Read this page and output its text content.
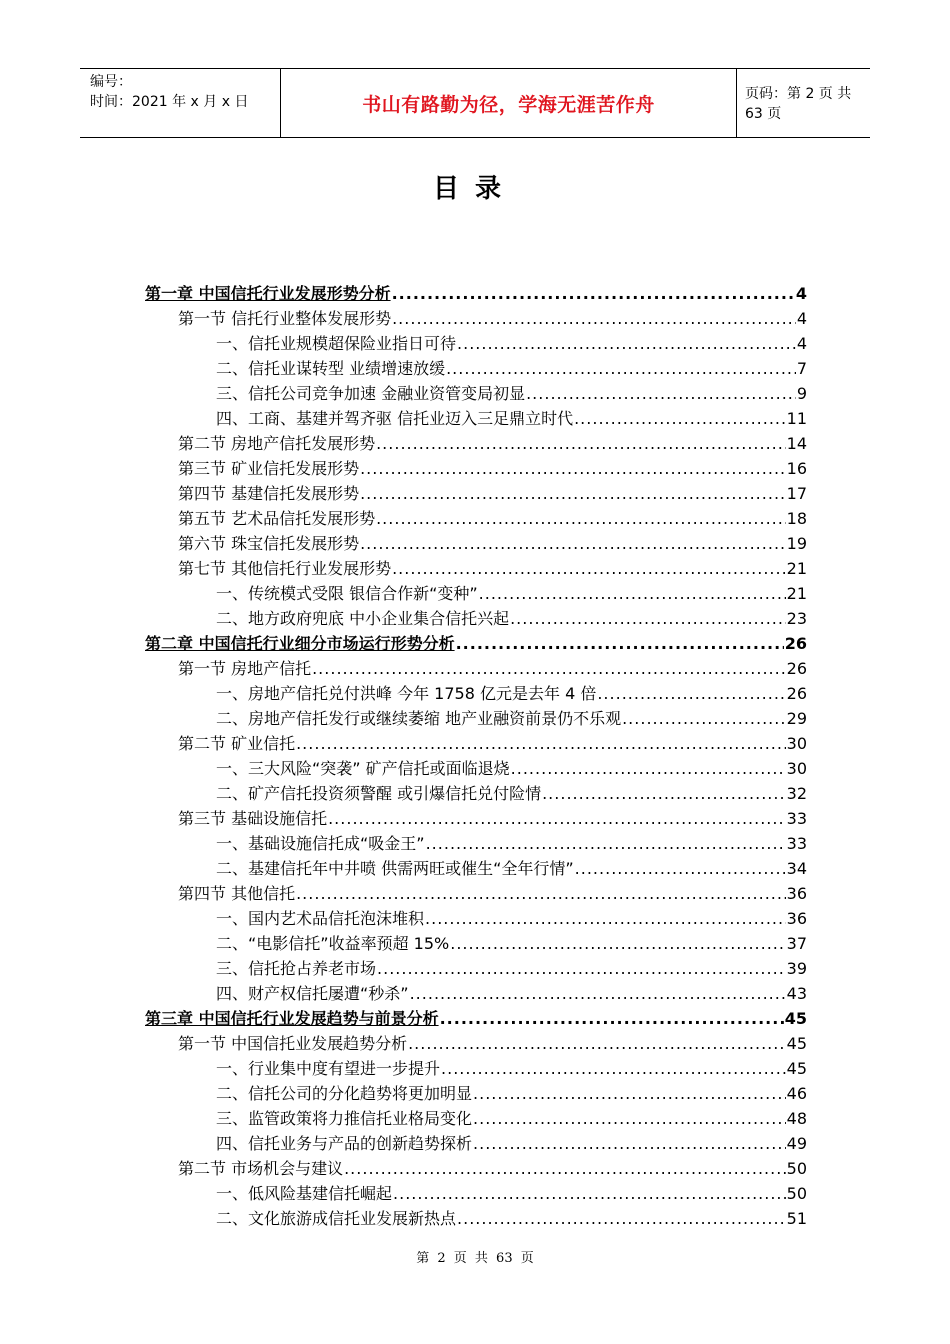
编号：
时间：2021 年 x 月 x 日	书山有路勤为径，学海无涯苦作舟	页码：第 2 页 共 63 页
目录
第一章 中国信托行业发展形势分析 .....	4
第一节 信托行业整体发展形势 .....	4
一、信托业规模超保险业指日可待 .....	4
二、信托业谋转型 业绩增速放缓 .....	7
三、信托公司竞争加速 金融业资管变局初显 .....	9
四、工商、基建并驾齐驱 信托业迈入三足鼎立时代 .....	11
第二节 房地产信托发展形势 .....	14
第三节 矿业信托发展形势 .....	16
第四节 基建信托发展形势 .....	17
第五节 艺术品信托发展形势 .....	18
第六节 珠宝信托发展形势 .....	19
第七节 其他信托行业发展形势 .....	21
一、传统模式受限 银信合作新“变种” .....	21
二、地方政府兜底 中小企业集合信托兴起 .....	23
第二章 中国信托行业细分市场运行形势分析 .....	26
第一节 房地产信托 .....	26
一、房地产信托兑付洪峰 今年 1758 亿元是去年 4 倍 .....	26
二、房地产信托发行或继续萎缩 地产业融资前景仍不乐观 .....	29
第二节 矿业信托 .....	30
一、三大风险“突袭” 矿产信托或面临退烧 .....	30
二、矿产信托投资须警醒 或引爆信托兑付险情 .....	32
第三节 基础设施信托 .....	33
一、基础设施信托成“吸金王” .....	33
二、基建信托年中井喷 供需两旺或催生“全年行情” .....	34
第四节 其他信托 .....	36
一、国内艺术品信托泡沫堆积 .....	36
二、“电影信托”收益率预超 15% .....	37
三、信托抢占养老市场 .....	39
四、财产权信托屡遭“秒杀” .....	43
第三章 中国信托行业发展趋势与前景分析 .....	45
第一节 中国信托业发展趋势分析 .....	45
一、行业集中度有望进一步提升 .....	45
二、信托公司的分化趋势将更加明显 .....	46
三、监管政策将力推信托业格局变化 .....	48
四、信托业务与产品的创新趋势探析 .....	49
第二节 市场机会与建议 .....	50
一、低风险基建信托崛起 .....	50
二、文化旅游成信托业发展新热点 .....	51
第 2 页 共 63 页
